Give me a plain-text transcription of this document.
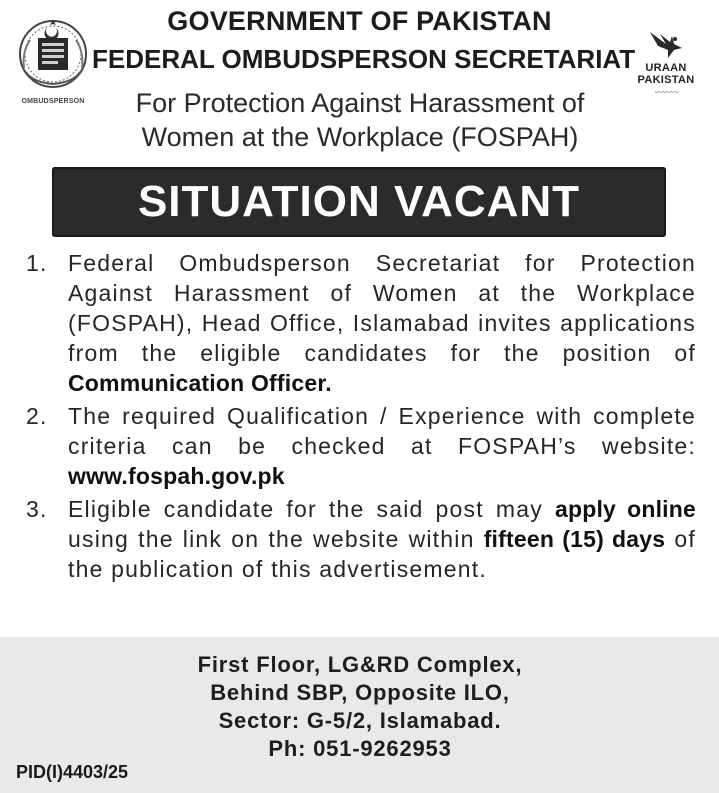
OMBUDSPERSON
URAAN
PAKISTAN
〰〰〰
GOVERNMENT OF PAKISTAN
FEDERAL OMBUDSPERSON SECRETARIAT
For Protection Against Harassment of
Women at the Workplace (FOSPAH)
SITUATION VACANT
1. Federal Ombudsperson Secretariat for Protection Against Harassment of Women at the Workplace (FOSPAH), Head Office, Islamabad invites applications from the eligible candidates for the position of Communication Officer.
2. The required Qualification / Experience with complete criteria can be checked at FOSPAH’s website: www.fospah.gov.pk
3. Eligible candidate for the said post may apply online using the link on the website within fifteen (15) days of the publication of this advertisement.
First Floor, LG&RD Complex,
Behind SBP, Opposite ILO,
Sector: G-5/2, Islamabad.
Ph: 051-9262953
PID(I)4403/25
